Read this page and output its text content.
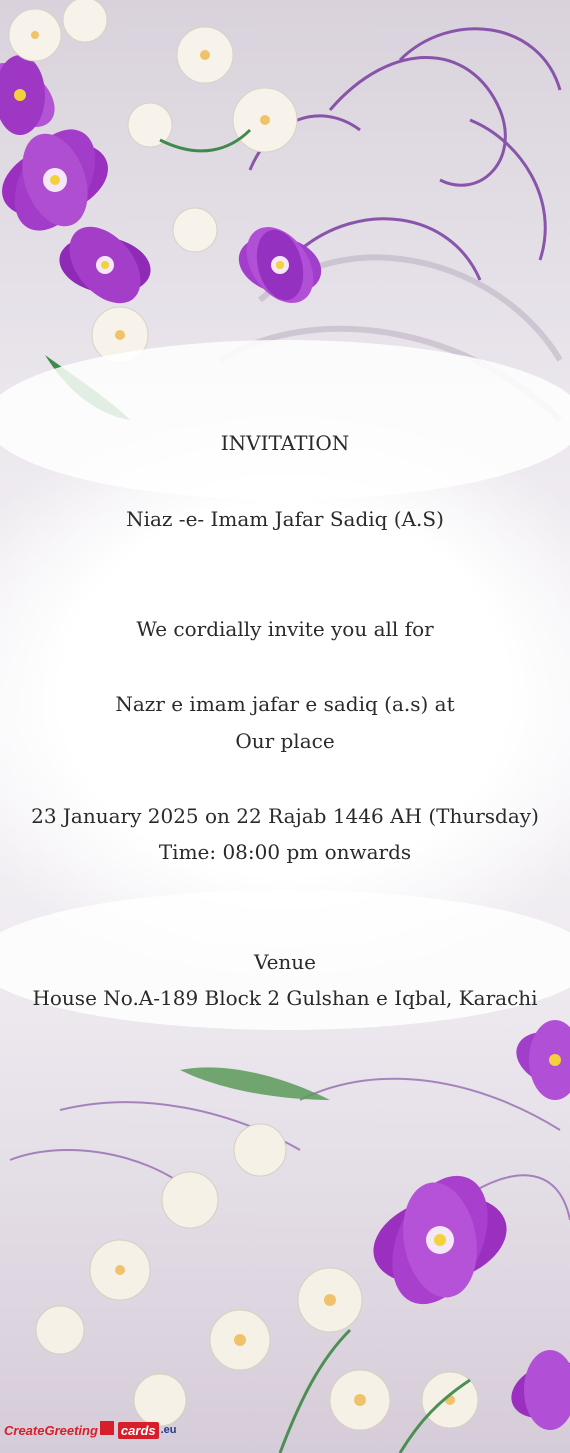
INVITATION
Niaz -e- Imam Jafar Sadiq (A.S)
We cordially invite you all for
Nazr e imam jafar e sadiq (a.s) at
Our place
23 January 2025 on 22 Rajab 1446 AH (Thursday)
Time: 08:00 pm onwards
Venue
House No.A-189 Block 2 Gulshan e Iqbal, Karachi
CreateGreeting cards .eu
